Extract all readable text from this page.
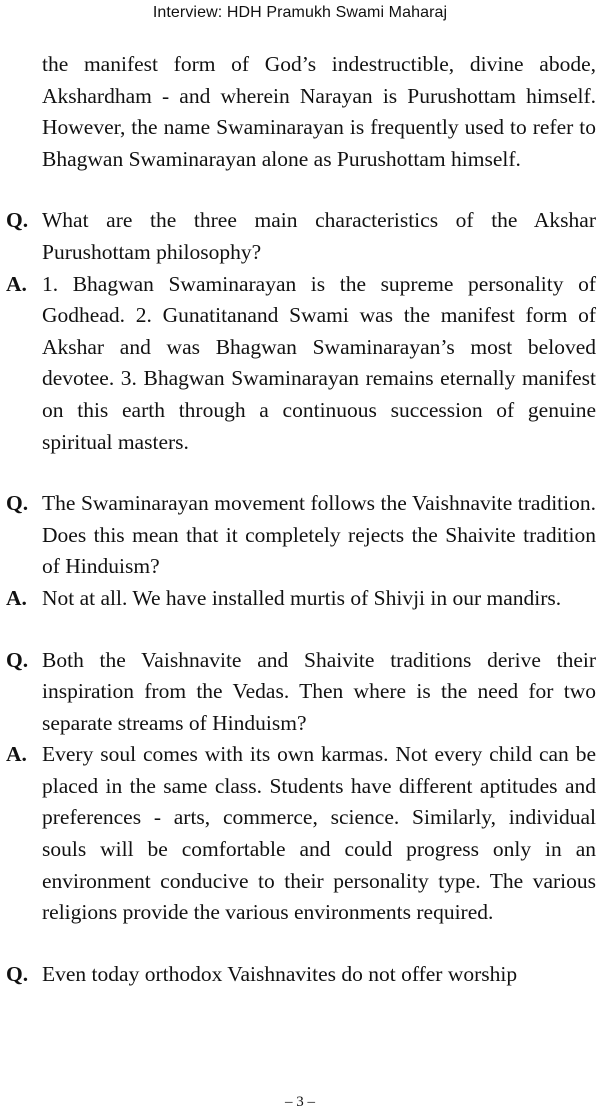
Interview: HDH Pramukh Swami Maharaj
the manifest form of God’s indestructible, divine abode, Akshardham - and wherein Narayan is Purushottam himself. However, the name Swaminarayan is frequently used to refer to Bhagwan Swaminarayan alone as Purushottam himself.
Q. What are the three main characteristics of the Akshar Purushottam philosophy?
A. 1. Bhagwan Swaminarayan is the supreme personality of Godhead. 2. Gunatitanand Swami was the manifest form of Akshar and was Bhagwan Swaminarayan’s most beloved devotee. 3. Bhagwan Swaminarayan remains eternally manifest on this earth through a continuous succession of genuine spiritual masters.
Q. The Swaminarayan movement follows the Vaishnavite tradition. Does this mean that it completely rejects the Shaivite tradition of Hinduism?
A. Not at all. We have installed murtis of Shivji in our mandirs.
Q. Both the Vaishnavite and Shaivite traditions derive their inspiration from the Vedas. Then where is the need for two separate streams of Hinduism?
A. Every soul comes with its own karmas. Not every child can be placed in the same class. Students have different aptitudes and preferences - arts, commerce, science. Similarly, individual souls will be comfortable and could progress only in an environment conducive to their personality type. The various religions provide the various environments required.
Q. Even today orthodox Vaishnavites do not offer worship
– 3 –
